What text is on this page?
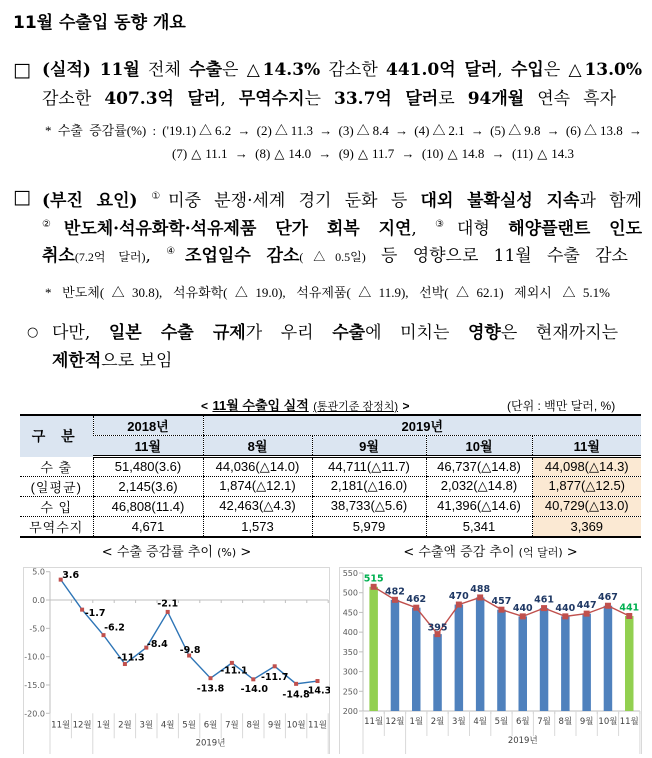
11월 수출입 동향 개요
□ (실적) 11월 전체 수출은 △14.3% 감소한 441.0억 달러, 수입은 △13.0%
감소한 407.3억 달러, 무역수지는 33.7억 달러로 94개월 연속 흑자
* 수출 증감률(%) : ('19.1)△6.2 → (2)△11.3 → (3)△8.4 → (4)△2.1 → (5)△9.8 → (6)△13.8 →
(7)△11.1 → (8)△14.0 → (9)△11.7 → (10)△14.8 → (11)△14.3
□ (부진 요인) ①미중 분쟁·세계 경기 둔화 등 대외 불확실성 지속과 함께
②반도체·석유화학·석유제품 단가 회복 지연, ③대형 해양플랜트 인도
취소(7.2억 달러), ④조업일수 감소(△0.5일) 등 영향으로 11월 수출 감소
* 반도체(△30.8), 석유화학(△19.0), 석유제품(△11.9), 선박(△62.1) 제외시 △5.1%
○ 다만, 일본 수출 규제가 우리 수출에 미치는 영향은 현재까지는
제한적으로 보임
< 11월 수출입 실적 (통관기준 잠정치) >	(단위 : 백만 달러, %)
구 분	2018년	2019년			
	11월	8월	9월	10월	11월
수 출	51,480(3.6)	44,036(△14.0)	44,711(△11.7)	46,737(△14.8)	44,098(△14.3)
(일평균)	2,145(3.6)	1,874(△12.1)	2,181(△16.0)	2,032(△14.8)	1,877(△12.5)
수 입	46,808(11.4)	42,463(△4.3)	38,733(△5.6)	41,396(△14.6)	40,729(△13.0)
무역수지	4,671	1,573	5,979	5,341	3,369
< 수출 증감률 추이 (%) >	< 수출액 증감 추이 (억 달러) >
5.0
0.0
-5.0
-10.0
-15.0
-20.0
11월 12월 1월 2월 3월 4월 5월 6월 7월 8월 9월 10월 11월
2019년
3.6
-1.7
-6.2
-11.3
-8.4
-2.1
-9.8
-13.8
-11.1
-14.0
-11.7
-14.8
-14.3
550
500
450
400
350
300
250
200
11월 12월 1월 2월 3월 4월 5월 6월 7월 8월 9월 10월 11월
2019년
515
482
462
395
470
488
457
440
461
440 447
467
441
